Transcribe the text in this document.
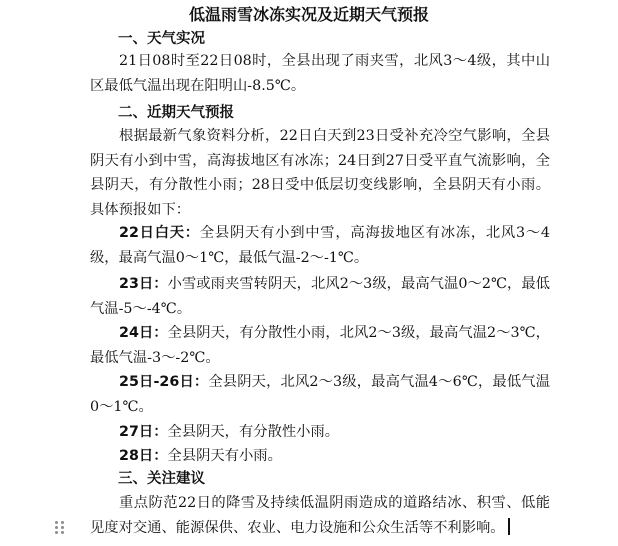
低温雨雪冰冻实况及近期天气预报
一、天气实况

21日08时至22日08时，全县出现了雨夹雪，北风3～4级，其中山区最低气温出现在阳明山-8.5℃。

二、近期天气预报

根据最新气象资料分析，22日白天到23日受补充冷空气影响，全县阴天有小到中雪，高海拔地区有冰冻；24日到27日受平直气流影响，全县阴天，有分散性小雨；28日受中低层切变线影响，全县阴天有小雨。具体预报如下：

22日白天：全县阴天有小到中雪，高海拔地区有冰冻，北风3～4级，最高气温0～1℃，最低气温-2～-1℃。

23日：小雪或雨夹雪转阴天，北风2～3级，最高气温0～2℃，最低气温-5～-4℃。

24日：全县阴天，有分散性小雨，北风2～3级，最高气温2～3℃，最低气温-3～-2℃。

25日-26日：全县阴天，北风2～3级，最高气温4～6℃，最低气温0～1℃。

27日：全县阴天，有分散性小雨。

28日：全县阴天有小雨。

三、关注建议

重点防范22日的降雪及持续低温阴雨造成的道路结冰、积雪、低能见度对交通、能源保供、农业、电力设施和公众生活等不利影响。
